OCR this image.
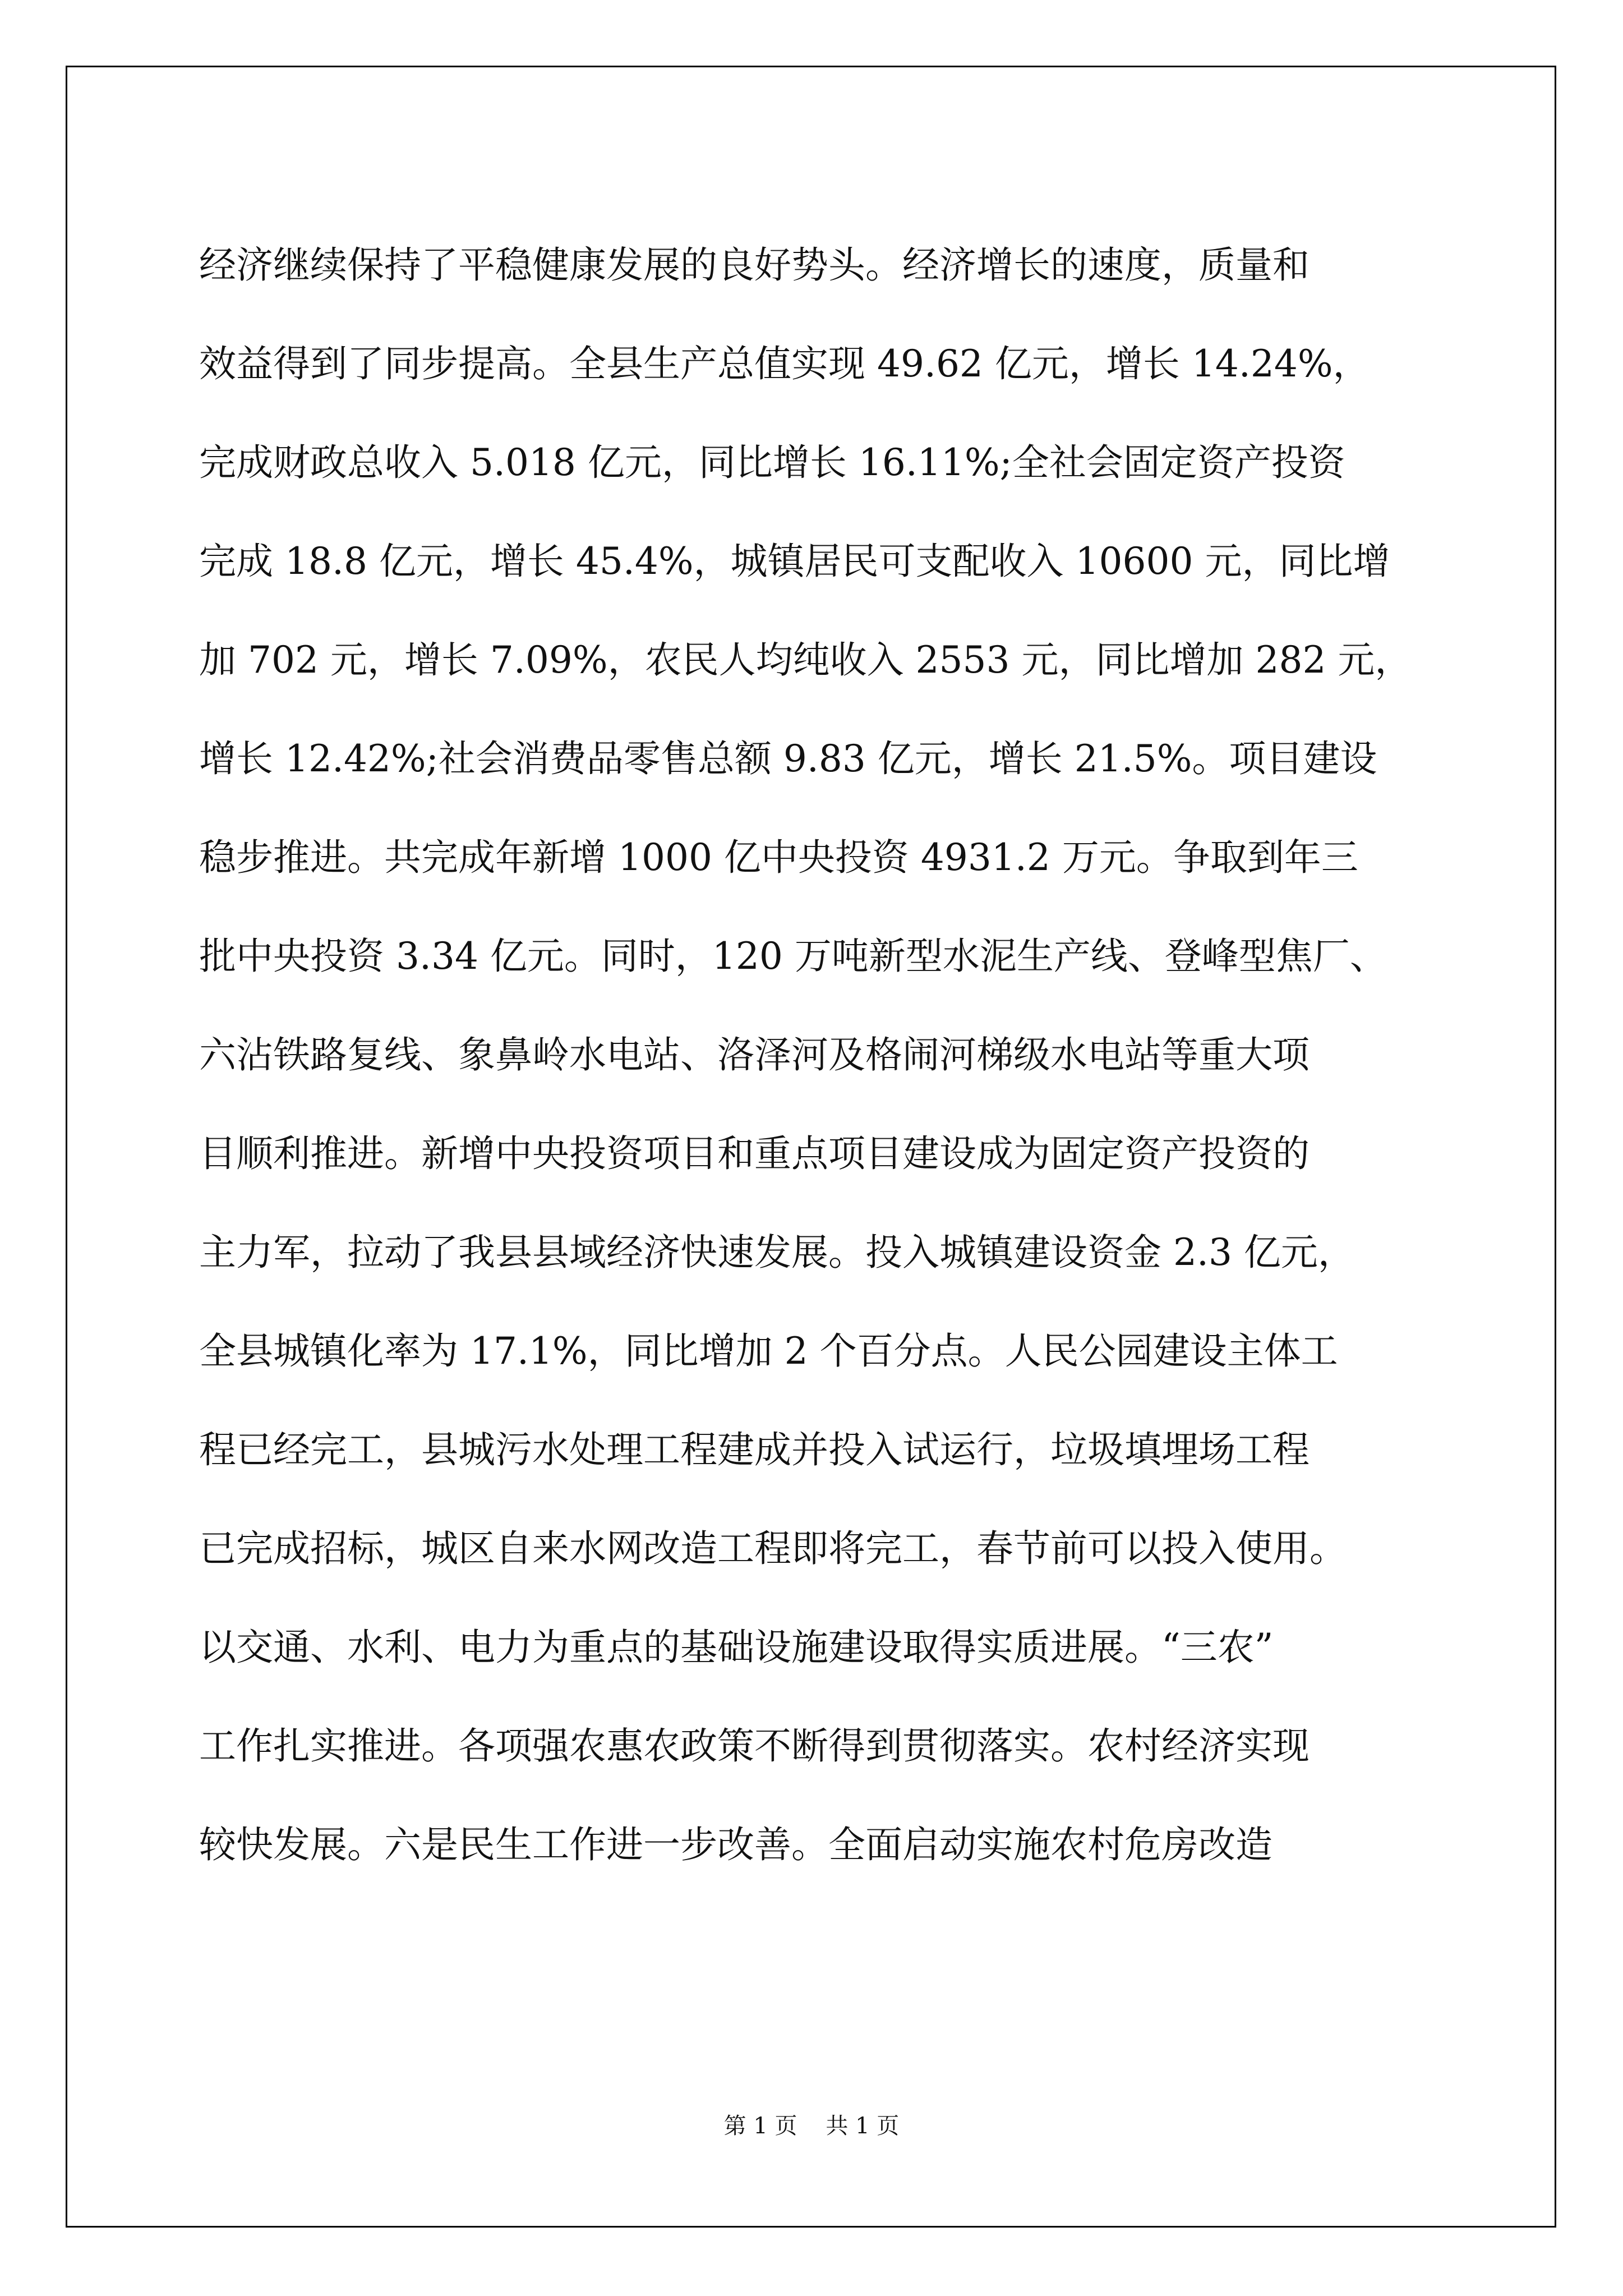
经济继续保持了平稳健康发展的良好势头。经济增长的速度，质量和
效益得到了同步提高。全县生产总值实现 49.62 亿元，增长 14.24%，
完成财政总收入 5.018 亿元，同比增长 16.11%;全社会固定资产投资
完成 18.8 亿元，增长 45.4%，城镇居民可支配收入 10600 元，同比增
加 702 元，增长 7.09%，农民人均纯收入 2553 元，同比增加 282 元，
增长 12.42%;社会消费品零售总额 9.83 亿元，增长 21.5%。项目建设
稳步推进。共完成年新增 1000 亿中央投资 4931.2 万元。争取到年三
批中央投资 3.34 亿元。同时，120 万吨新型水泥生产线、登峰型焦厂、
六沾铁路复线、象鼻岭水电站、洛泽河及格闹河梯级水电站等重大项
目顺利推进。新增中央投资项目和重点项目建设成为固定资产投资的
主力军，拉动了我县县域经济快速发展。投入城镇建设资金 2.3 亿元，
全县城镇化率为 17.1%，同比增加 2 个百分点。人民公园建设主体工
程已经完工，县城污水处理工程建成并投入试运行，垃圾填埋场工程
已完成招标，城区自来水网改造工程即将完工，春节前可以投入使用。
以交通、水利、电力为重点的基础设施建设取得实质进展。“三农”
工作扎实推进。各项强农惠农政策不断得到贯彻落实。农村经济实现
较快发展。六是民生工作进一步改善。全面启动实施农村危房改造
第 1 页 共 1 页
